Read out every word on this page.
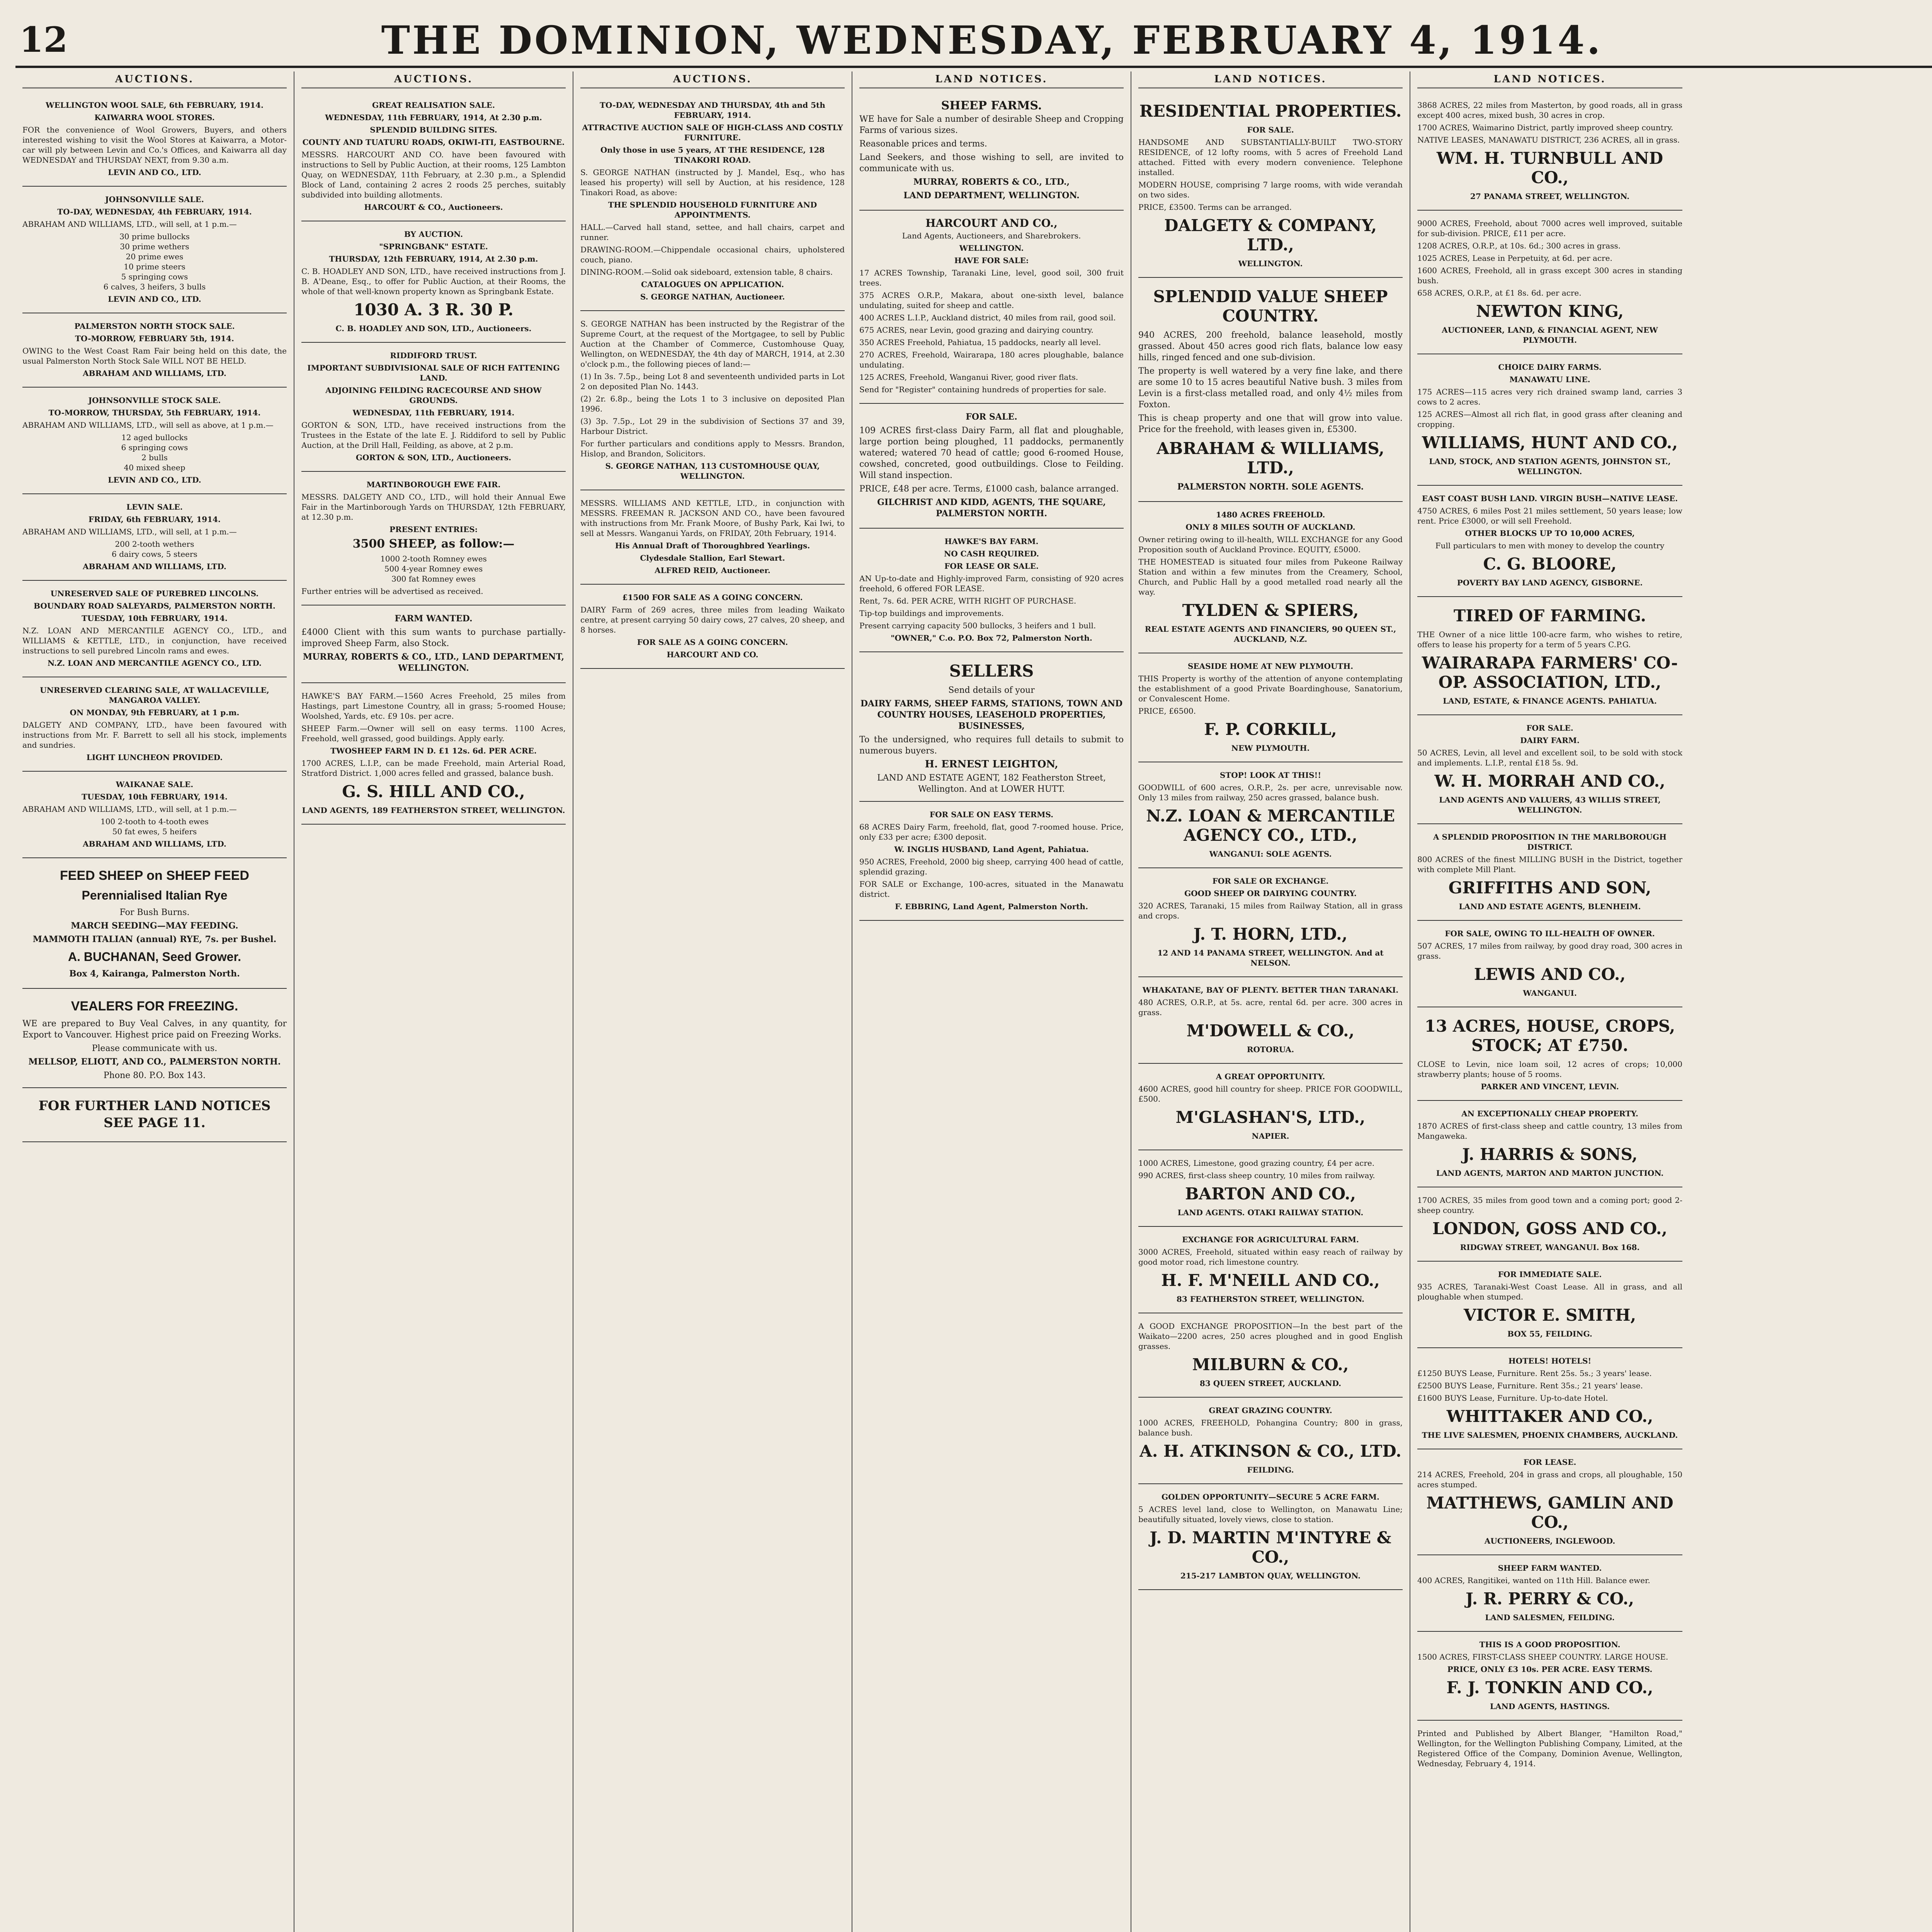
12	THE DOMINION, WEDNESDAY, FEBRUARY 4, 1914.
AUCTIONS.
WELLINGTON WOOL SALE, 6th FEBRUARY, 1914.
KAIWARRA WOOL STORES.

FOR the convenience of Wool Growers, Buyers, and others interested wishing to visit the Wool Stores at Kaiwarra, a Motor-car will ply between Levin and Co.'s Offices, and Kaiwarra all day WEDNESDAY and THURSDAY NEXT, from 9.30 a.m.

LEVIN AND CO., LTD.
JOHNSONVILLE SALE.
TO-DAY, WEDNESDAY, 4th FEBRUARY, 1914.

ABRAHAM AND WILLIAMS, LTD., will sell, at 1 p.m.—

30 prime bullocks
30 prime wethers
20 prime ewes
10 prime steers
5 springing cows
6 calves, 3 heifers, 3 bulls
LEVIN AND CO., LTD.
PALMERSTON NORTH STOCK SALE.
TO-MORROW, FEBRUARY 5th, 1914.

OWING to the West Coast Ram Fair being held on this date, the usual Palmerston North Stock Sale WILL NOT BE HELD.

ABRAHAM AND WILLIAMS, LTD.
JOHNSONVILLE STOCK SALE.
TO-MORROW, THURSDAY, 5th FEBRUARY, 1914.

ABRAHAM AND WILLIAMS, LTD., will sell as above, at 1 p.m.—

12 aged bullocks
6 springing cows
2 bulls
40 mixed sheep
LEVIN AND CO., LTD.
LEVIN SALE.
FRIDAY, 6th FEBRUARY, 1914.

ABRAHAM AND WILLIAMS, LTD., will sell, at 1 p.m.—

200 2-tooth wethers
6 dairy cows, 5 steers
ABRAHAM AND WILLIAMS, LTD.
UNRESERVED SALE OF PUREBRED LINCOLNS.
BOUNDARY ROAD SALEYARDS, PALMERSTON NORTH.
TUESDAY, 10th FEBRUARY, 1914.

N.Z. LOAN AND MERCANTILE AGENCY CO., LTD., and WILLIAMS & KETTLE, LTD., in conjunction, have received instructions to sell purebred Lincoln rams and ewes.

N.Z. LOAN AND MERCANTILE AGENCY CO., LTD.
UNRESERVED CLEARING SALE, AT WALLACEVILLE, MANGAROA VALLEY.
ON MONDAY, 9th FEBRUARY, at 1 p.m.

DALGETY AND COMPANY, LTD., have been favoured with instructions from Mr. F. Barrett to sell all his stock, implements and sundries.

LIGHT LUNCHEON PROVIDED.
WAIKANAE SALE.
TUESDAY, 10th FEBRUARY, 1914.

ABRAHAM AND WILLIAMS, LTD., will sell, at 1 p.m.—

100 2-tooth to 4-tooth ewes
50 fat ewes, 5 heifers
ABRAHAM AND WILLIAMS, LTD.
FEED SHEEP on SHEEP FEED
Perennialised Italian Rye
For Bush Burns.
MARCH SEEDING—MAY FEEDING.
MAMMOTH ITALIAN (annual) RYE, 7s. per Bushel.
A. BUCHANAN, Seed Grower.
Box 4, Kairanga, Palmerston North.
VEALERS FOR FREEZING.

WE are prepared to Buy Veal Calves, in any quantity, for Export to Vancouver. Highest price paid on Freezing Works.

Please communicate with us.
MELLSOP, ELIOTT, AND CO., PALMERSTON NORTH.
Phone 80. P.O. Box 143.
FOR FURTHER LAND NOTICES SEE PAGE 11.
AUCTIONS.
GREAT REALISATION SALE.
WEDNESDAY, 11th FEBRUARY, 1914, At 2.30 p.m.
SPLENDID BUILDING SITES.
COUNTY AND TUATURU ROADS, OKIWI-ITI, EASTBOURNE.

MESSRS. HARCOURT AND CO. have been favoured with instructions to Sell by Public Auction, at their rooms, 125 Lambton Quay, on WEDNESDAY, 11th February, at 2.30 p.m., a Splendid Block of Land, containing 2 acres 2 roods 25 perches, suitably subdivided into building allotments.

HARCOURT & CO., Auctioneers.
BY AUCTION.
"SPRINGBANK" ESTATE.
THURSDAY, 12th FEBRUARY, 1914, At 2.30 p.m.

C. B. HOADLEY AND SON, LTD., have received instructions from J. B. A'Deane, Esq., to offer for Public Auction, at their Rooms, the whole of that well-known property known as Springbank Estate.

1030 A. 3 R. 30 P.
C. B. HOADLEY AND SON, LTD., Auctioneers.
RIDDIFORD TRUST.
IMPORTANT SUBDIVISIONAL SALE OF RICH FATTENING LAND.
ADJOINING FEILDING RACECOURSE AND SHOW GROUNDS.
WEDNESDAY, 11th FEBRUARY, 1914.

GORTON & SON, LTD., have received instructions from the Trustees in the Estate of the late E. J. Riddiford to sell by Public Auction, at the Drill Hall, Feilding, as above, at 2 p.m.

GORTON & SON, LTD., Auctioneers.
MARTINBOROUGH EWE FAIR.

MESSRS. DALGETY AND CO., LTD., will hold their Annual Ewe Fair in the Martinborough Yards on THURSDAY, 12th FEBRUARY, at 12.30 p.m.

PRESENT ENTRIES:
3500 SHEEP, as follow:—
1000 2-tooth Romney ewes
500 4-year Romney ewes
300 fat Romney ewes

Further entries will be advertised as received.

FARM WANTED.

£4000 Client with this sum wants to purchase partially-improved Sheep Farm, also Stock.

MURRAY, ROBERTS & CO., LTD., LAND DEPARTMENT, WELLINGTON.

HAWKE'S BAY FARM.—1560 Acres Freehold, 25 miles from Hastings, part Limestone Country, all in grass; 5-roomed House; Woolshed, Yards, etc. £9 10s. per acre.

SHEEP Farm.—Owner will sell on easy terms. 1100 Acres, Freehold, well grassed, good buildings. Apply early.

TWOSHEEP FARM IN D. £1 12s. 6d. PER ACRE.

1700 ACRES, L.I.P., can be made Freehold, main Arterial Road, Stratford District. 1,000 acres felled and grassed, balance bush.

G. S. HILL AND CO.,
LAND AGENTS, 189 FEATHERSTON STREET, WELLINGTON.
AUCTIONS.
TO-DAY, WEDNESDAY AND THURSDAY, 4th and 5th FEBRUARY, 1914.
ATTRACTIVE AUCTION SALE OF HIGH-CLASS AND COSTLY FURNITURE.
Only those in use 5 years, AT THE RESIDENCE, 128 TINAKORI ROAD.

S. GEORGE NATHAN (instructed by J. Mandel, Esq., who has leased his property) will sell by Auction, at his residence, 128 Tinakori Road, as above:

THE SPLENDID HOUSEHOLD FURNITURE AND APPOINTMENTS.

HALL.—Carved hall stand, settee, and hall chairs, carpet and runner.

DRAWING-ROOM.—Chippendale occasional chairs, upholstered couch, piano.

DINING-ROOM.—Solid oak sideboard, extension table, 8 chairs.

CATALOGUES ON APPLICATION.
S. GEORGE NATHAN, Auctioneer.

S. GEORGE NATHAN has been instructed by the Registrar of the Supreme Court, at the request of the Mortgagee, to sell by Public Auction at the Chamber of Commerce, Customhouse Quay, Wellington, on WEDNESDAY, the 4th day of MARCH, 1914, at 2.30 o'clock p.m., the following pieces of land:—

(1) In 3s. 7.5p., being Lot 8 and seventeenth undivided parts in Lot 2 on deposited Plan No. 1443.

(2) 2r. 6.8p., being the Lots 1 to 3 inclusive on deposited Plan 1996.

(3) 3p. 7.5p., Lot 29 in the subdivision of Sections 37 and 39, Harbour District.

For further particulars and conditions apply to Messrs. Brandon, Hislop, and Brandon, Solicitors.

S. GEORGE NATHAN, 113 CUSTOMHOUSE QUAY, WELLINGTON.

MESSRS. WILLIAMS AND KETTLE, LTD., in conjunction with MESSRS. FREEMAN R. JACKSON AND CO., have been favoured with instructions from Mr. Frank Moore, of Bushy Park, Kai Iwi, to sell at Messrs. Wanganui Yards, on FRIDAY, 20th February, 1914.

His Annual Draft of Thoroughbred Yearlings.
Clydesdale Stallion, Earl Stewart.
ALFRED REID, Auctioneer.
£1500 FOR SALE AS A GOING CONCERN.

DAIRY Farm of 269 acres, three miles from leading Waikato centre, at present carrying 50 dairy cows, 27 calves, 20 sheep, and 8 horses.

FOR SALE AS A GOING CONCERN.
HARCOURT AND CO.
LAND NOTICES.
SHEEP FARMS.

WE have for Sale a number of desirable Sheep and Cropping Farms of various sizes.

Reasonable prices and terms.

Land Seekers, and those wishing to sell, are invited to communicate with us.

MURRAY, ROBERTS & CO., LTD.,
LAND DEPARTMENT, WELLINGTON.
HARCOURT AND CO.,
Land Agents, Auctioneers, and Sharebrokers.
WELLINGTON.
HAVE FOR SALE:

17 ACRES Township, Taranaki Line, level, good soil, 300 fruit trees.

375 ACRES O.R.P., Makara, about one-sixth level, balance undulating, suited for sheep and cattle.

400 ACRES L.I.P., Auckland district, 40 miles from rail, good soil.

675 ACRES, near Levin, good grazing and dairying country.

350 ACRES Freehold, Pahiatua, 15 paddocks, nearly all level.

270 ACRES, Freehold, Wairarapa, 180 acres ploughable, balance undulating.

125 ACRES, Freehold, Wanganui River, good river flats.

Send for "Register" containing hundreds of properties for sale.

FOR SALE.

109 ACRES first-class Dairy Farm, all flat and ploughable, large portion being ploughed, 11 paddocks, permanently watered; watered 70 head of cattle; good 6-roomed House, cowshed, concreted, good outbuildings. Close to Feilding. Will stand inspection.

PRICE, £48 per acre. Terms, £1000 cash, balance arranged.

GILCHRIST AND KIDD, AGENTS, THE SQUARE, PALMERSTON NORTH.
HAWKE'S BAY FARM.
NO CASH REQUIRED.
FOR LEASE OR SALE.

AN Up-to-date and Highly-improved Farm, consisting of 920 acres freehold, 6 offered FOR LEASE.

Rent, 7s. 6d. PER ACRE, WITH RIGHT OF PURCHASE.

Tip-top buildings and improvements.

Present carrying capacity 500 bullocks, 3 heifers and 1 bull.

"OWNER," C.o. P.O. Box 72, Palmerston North.
SELLERS
Send details of your
DAIRY FARMS, SHEEP FARMS, STATIONS, TOWN AND COUNTRY HOUSES, LEASEHOLD PROPERTIES, BUSINESSES,

To the undersigned, who requires full details to submit to numerous buyers.

H. ERNEST LEIGHTON,
LAND AND ESTATE AGENT, 182 Featherston Street, Wellington. And at LOWER HUTT.
FOR SALE ON EASY TERMS.

68 ACRES Dairy Farm, freehold, flat, good 7-roomed house. Price, only £33 per acre; £300 deposit.

W. INGLIS HUSBAND, Land Agent, Pahiatua.

950 ACRES, Freehold, 2000 big sheep, carrying 400 head of cattle, splendid grazing.

FOR SALE or Exchange, 100-acres, situated in the Manawatu district.

F. EBBRING, Land Agent, Palmerston North.
LAND NOTICES.
RESIDENTIAL PROPERTIES.
FOR SALE.

HANDSOME AND SUBSTANTIALLY-BUILT TWO-STORY RESIDENCE, of 12 lofty rooms, with 5 acres of Freehold Land attached. Fitted with every modern convenience. Telephone installed.

MODERN HOUSE, comprising 7 large rooms, with wide verandah on two sides.

PRICE, £3500. Terms can be arranged.

DALGETY & COMPANY, LTD.,
WELLINGTON.
SPLENDID VALUE SHEEP COUNTRY.

940 ACRES, 200 freehold, balance leasehold, mostly grassed. About 450 acres good rich flats, balance low easy hills, ringed fenced and one sub-division.

The property is well watered by a very fine lake, and there are some 10 to 15 acres beautiful Native bush. 3 miles from Levin is a first-class metalled road, and only 4½ miles from Foxton.

This is cheap property and one that will grow into value. Price for the freehold, with leases given in, £5300.

ABRAHAM & WILLIAMS, LTD.,
PALMERSTON NORTH. SOLE AGENTS.
1480 ACRES FREEHOLD.
ONLY 8 MILES SOUTH OF AUCKLAND.

Owner retiring owing to ill-health, WILL EXCHANGE for any Good Proposition south of Auckland Province. EQUITY, £5000.

THE HOMESTEAD is situated four miles from Pukeone Railway Station and within a few minutes from the Creamery, School, Church, and Public Hall by a good metalled road nearly all the way.

TYLDEN & SPIERS,
REAL ESTATE AGENTS AND FINANCIERS, 90 QUEEN ST., AUCKLAND, N.Z.
SEASIDE HOME AT NEW PLYMOUTH.

THIS Property is worthy of the attention of anyone contemplating the establishment of a good Private Boardinghouse, Sanatorium, or Convalescent Home.

PRICE, £6500.

F. P. CORKILL,
NEW PLYMOUTH.
STOP! LOOK AT THIS!!

GOODWILL of 600 acres, O.R.P., 2s. per acre, unrevisable now. Only 13 miles from railway, 250 acres grassed, balance bush.

N.Z. LOAN & MERCANTILE AGENCY CO., LTD.,
WANGANUI: SOLE AGENTS.
FOR SALE OR EXCHANGE.
GOOD SHEEP OR DAIRYING COUNTRY.

320 ACRES, Taranaki, 15 miles from Railway Station, all in grass and crops.

J. T. HORN, LTD.,
12 AND 14 PANAMA STREET, WELLINGTON. And at NELSON.
WHAKATANE, BAY OF PLENTY. BETTER THAN TARANAKI.

480 ACRES, O.R.P., at 5s. acre, rental 6d. per acre. 300 acres in grass.

M'DOWELL & CO.,
ROTORUA.
A GREAT OPPORTUNITY.

4600 ACRES, good hill country for sheep. PRICE FOR GOODWILL, £500.

M'GLASHAN'S, LTD.,
NAPIER.

1000 ACRES, Limestone, good grazing country, £4 per acre.

990 ACRES, first-class sheep country, 10 miles from railway.

BARTON AND CO.,
LAND AGENTS. OTAKI RAILWAY STATION.
EXCHANGE FOR AGRICULTURAL FARM.

3000 ACRES, Freehold, situated within easy reach of railway by good motor road, rich limestone country.

H. F. M'NEILL AND CO.,
83 FEATHERSTON STREET, WELLINGTON.

A GOOD EXCHANGE PROPOSITION—In the best part of the Waikato—2200 acres, 250 acres ploughed and in good English grasses.

MILBURN & CO.,
83 QUEEN STREET, AUCKLAND.
GREAT GRAZING COUNTRY.

1000 ACRES, FREEHOLD, Pohangina Country; 800 in grass, balance bush.

A. H. ATKINSON & CO., LTD.
FEILDING.
GOLDEN OPPORTUNITY—SECURE 5 ACRE FARM.

5 ACRES level land, close to Wellington, on Manawatu Line; beautifully situated, lovely views, close to station.

J. D. MARTIN M'INTYRE & CO.,
215-217 LAMBTON QUAY, WELLINGTON.
LAND NOTICES.

3868 ACRES, 22 miles from Masterton, by good roads, all in grass except 400 acres, mixed bush, 30 acres in crop.

1700 ACRES, Waimarino District, partly improved sheep country.

NATIVE LEASES, MANAWATU DISTRICT, 236 ACRES, all in grass.

WM. H. TURNBULL AND CO.,
27 PANAMA STREET, WELLINGTON.

9000 ACRES, Freehold, about 7000 acres well improved, suitable for sub-division. PRICE, £11 per acre.

1208 ACRES, O.R.P., at 10s. 6d.; 300 acres in grass.

1025 ACRES, Lease in Perpetuity, at 6d. per acre.

1600 ACRES, Freehold, all in grass except 300 acres in standing bush.

658 ACRES, O.R.P., at £1 8s. 6d. per acre.

NEWTON KING,
AUCTIONEER, LAND, & FINANCIAL AGENT, NEW PLYMOUTH.
CHOICE DAIRY FARMS.
MANAWATU LINE.

175 ACRES—115 acres very rich drained swamp land, carries 3 cows to 2 acres.

125 ACRES—Almost all rich flat, in good grass after cleaning and cropping.

WILLIAMS, HUNT AND CO.,
LAND, STOCK, AND STATION AGENTS, JOHNSTON ST., WELLINGTON.
EAST COAST BUSH LAND. VIRGIN BUSH—NATIVE LEASE.

4750 ACRES, 6 miles Post 21 miles settlement, 50 years lease; low rent. Price £3000, or will sell Freehold.

OTHER BLOCKS UP TO 10,000 ACRES,
Full particulars to men with money to develop the country
C. G. BLOORE,
POVERTY BAY LAND AGENCY, GISBORNE.
TIRED OF FARMING.

THE Owner of a nice little 100-acre farm, who wishes to retire, offers to lease his property for a term of 5 years C.P.G.

WAIRARAPA FARMERS' CO-OP. ASSOCIATION, LTD.,
LAND, ESTATE, & FINANCE AGENTS. PAHIATUA.
FOR SALE.
DAIRY FARM.

50 ACRES, Levin, all level and excellent soil, to be sold with stock and implements. L.I.P., rental £18 5s. 9d.

W. H. MORRAH AND CO.,
LAND AGENTS AND VALUERS, 43 WILLIS STREET, WELLINGTON.
A SPLENDID PROPOSITION IN THE MARLBOROUGH DISTRICT.

800 ACRES of the finest MILLING BUSH in the District, together with complete Mill Plant.

GRIFFITHS AND SON,
LAND AND ESTATE AGENTS, BLENHEIM.
FOR SALE, OWING TO ILL-HEALTH OF OWNER.

507 ACRES, 17 miles from railway, by good dray road, 300 acres in grass.

LEWIS AND CO.,
WANGANUI.
13 ACRES, HOUSE, CROPS, STOCK; AT £750.

CLOSE to Levin, nice loam soil, 12 acres of crops; 10,000 strawberry plants; house of 5 rooms.

PARKER AND VINCENT, LEVIN.
AN EXCEPTIONALLY CHEAP PROPERTY.

1870 ACRES of first-class sheep and cattle country, 13 miles from Mangaweka.

J. HARRIS & SONS,
LAND AGENTS, MARTON AND MARTON JUNCTION.

1700 ACRES, 35 miles from good town and a coming port; good 2-sheep country.

LONDON, GOSS AND CO.,
RIDGWAY STREET, WANGANUI. Box 168.
FOR IMMEDIATE SALE.

935 ACRES, Taranaki-West Coast Lease. All in grass, and all ploughable when stumped.

VICTOR E. SMITH,
BOX 55, FEILDING.
HOTELS! HOTELS!

£1250 BUYS Lease, Furniture. Rent 25s. 5s.; 3 years' lease.

£2500 BUYS Lease, Furniture. Rent 35s.; 21 years' lease.

£1600 BUYS Lease, Furniture. Up-to-date Hotel.

WHITTAKER AND CO.,
THE LIVE SALESMEN, PHOENIX CHAMBERS, AUCKLAND.
FOR LEASE.

214 ACRES, Freehold, 204 in grass and crops, all ploughable, 150 acres stumped.

MATTHEWS, GAMLIN AND CO.,
AUCTIONEERS, INGLEWOOD.
SHEEP FARM WANTED.

400 ACRES, Rangitikei, wanted on 11th Hill. Balance ewer.

J. R. PERRY & CO.,
LAND SALESMEN, FEILDING.
THIS IS A GOOD PROPOSITION.

1500 ACRES, FIRST-CLASS SHEEP COUNTRY. LARGE HOUSE.

PRICE, ONLY £3 10s. PER ACRE. EASY TERMS.
F. J. TONKIN AND CO.,
LAND AGENTS, HASTINGS.

Printed and Published by Albert Blanger, "Hamilton Road," Wellington, for the Wellington Publishing Company, Limited, at the Registered Office of the Company, Dominion Avenue, Wellington, Wednesday, February 4, 1914.
